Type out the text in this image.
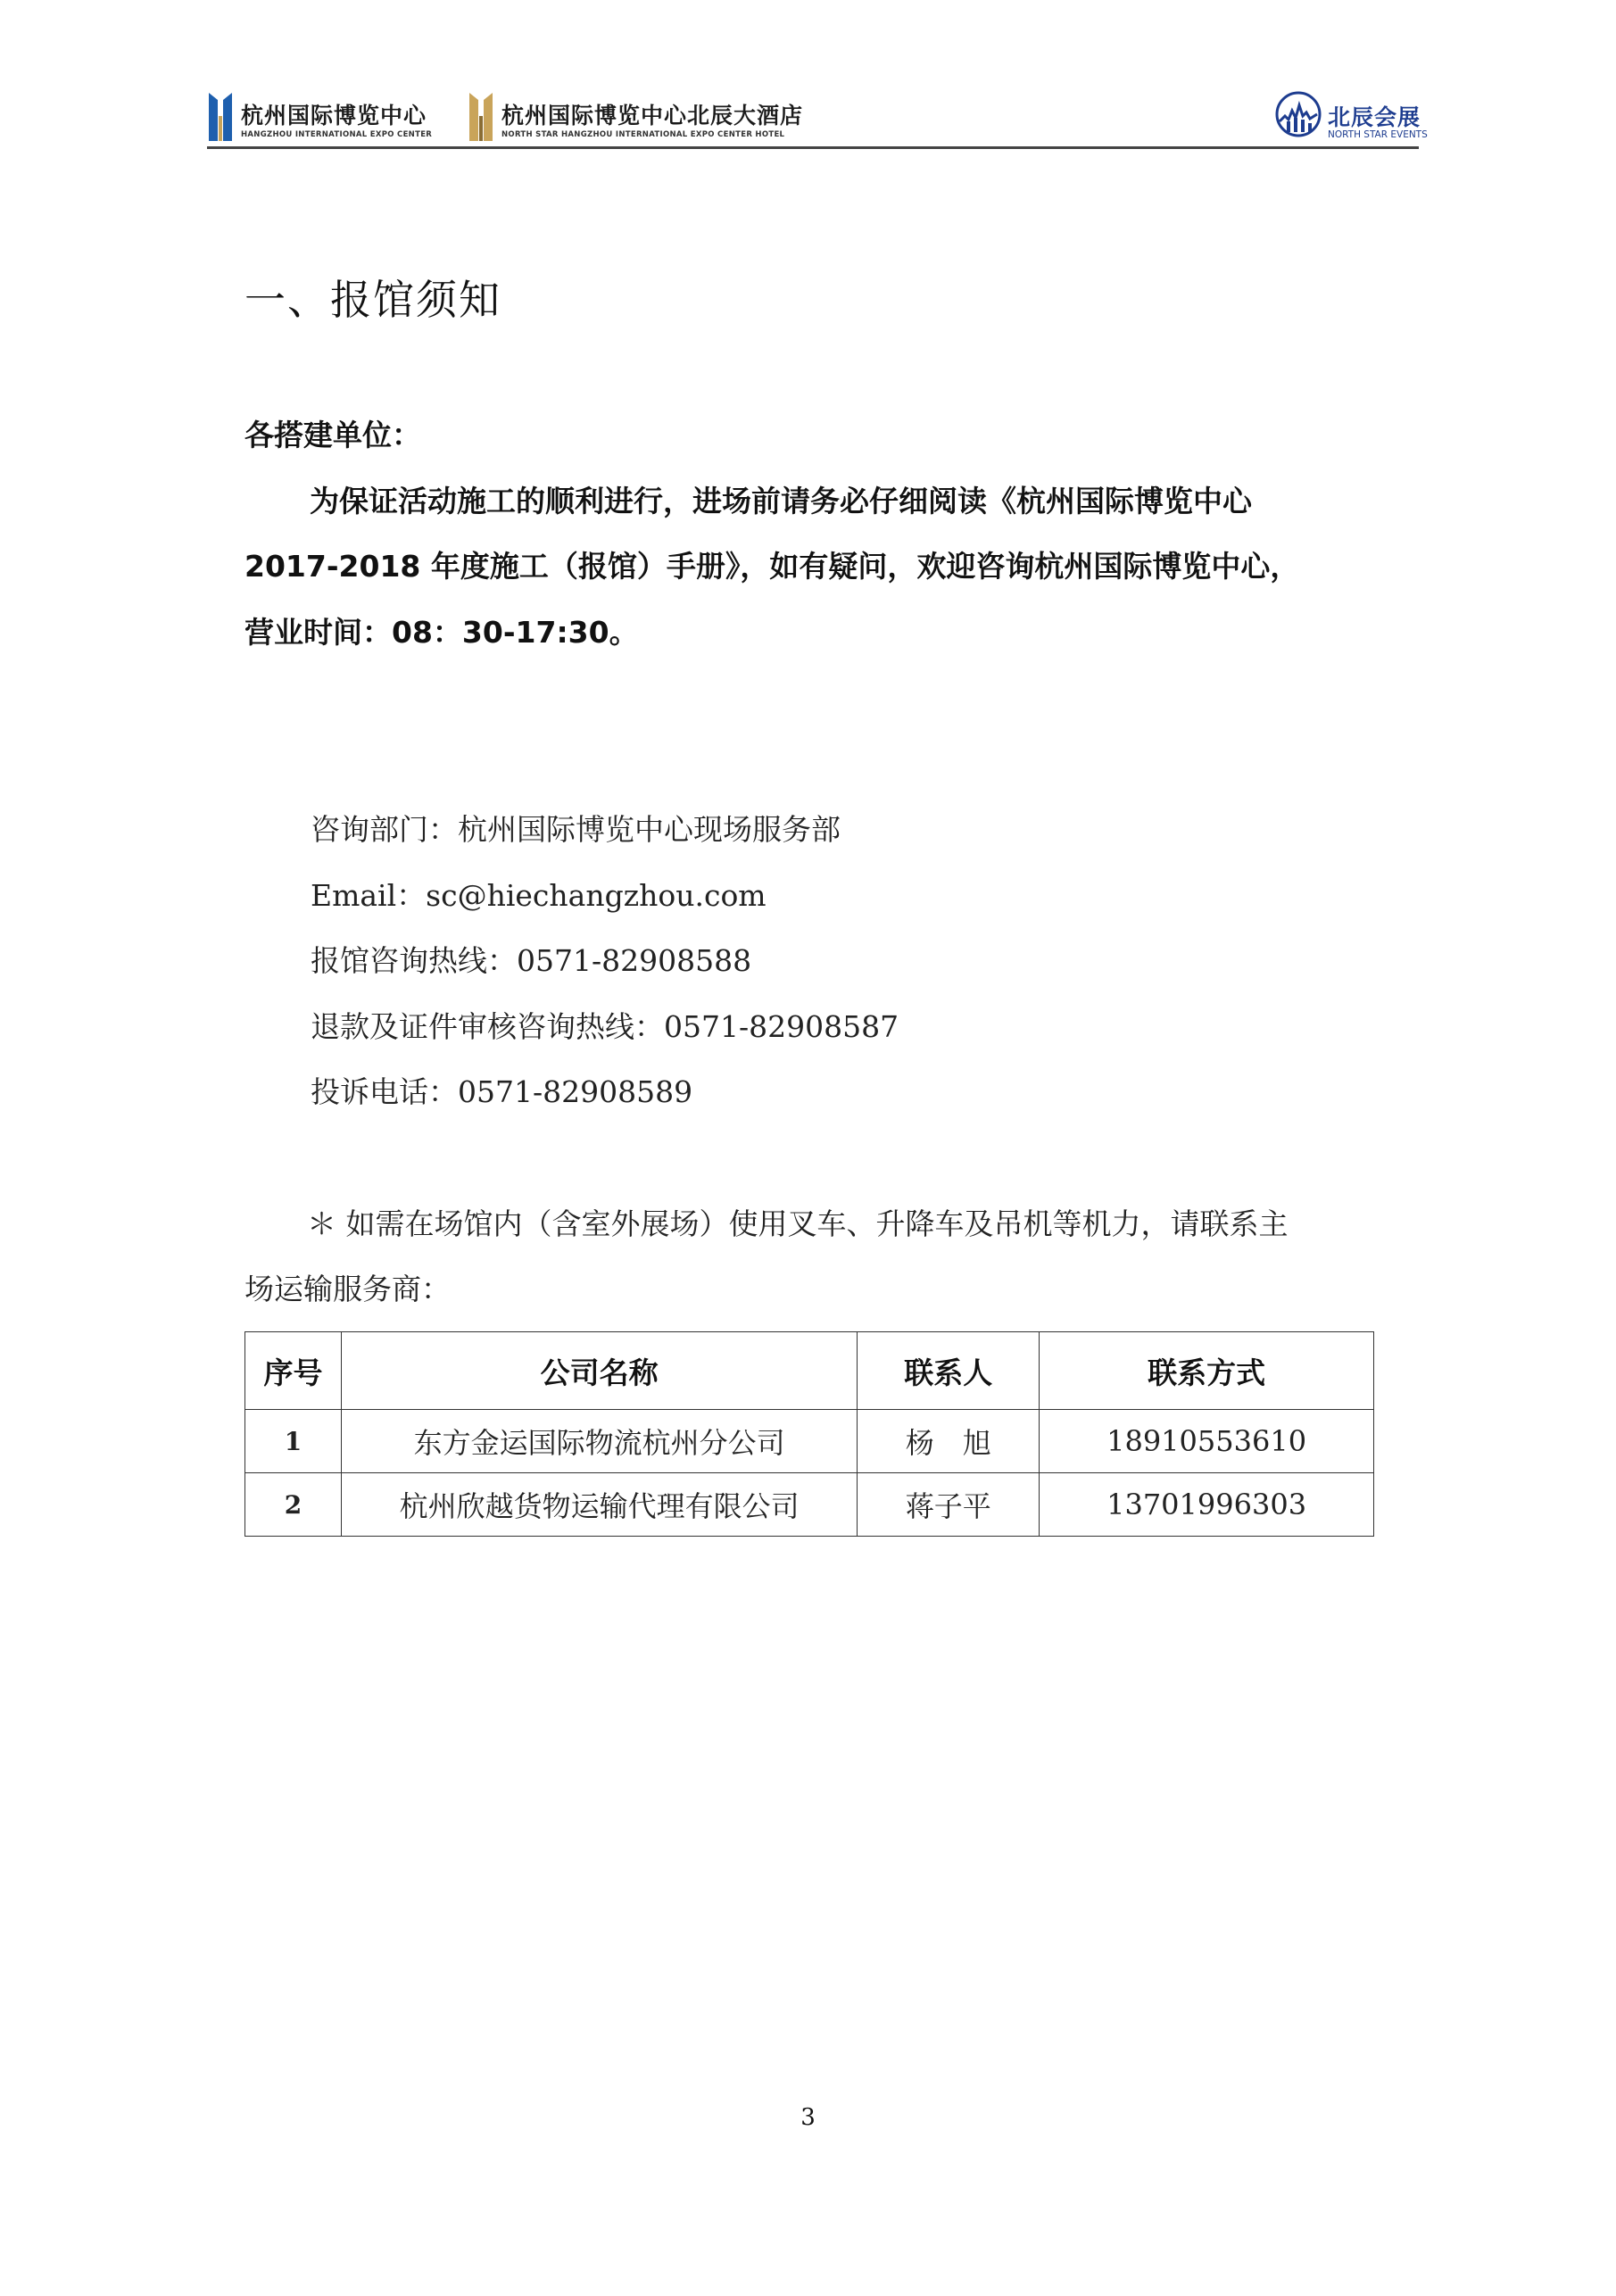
杭州国际博览中心
HANGZHOU INTERNATIONAL EXPO CENTER
杭州国际博览中心北辰大酒店
NORTH STAR HANGZHOU INTERNATIONAL EXPO CENTER HOTEL
北辰会展
NORTH STAR EVENTS
一、报馆须知
各搭建单位：
为保证活动施工的顺利进行，进场前请务必仔细阅读《杭州国际博览中心
2017-2018 年度施工（报馆）手册》，如有疑问，欢迎咨询杭州国际博览中心，
营业时间：08：30-17:30。
咨询部门：杭州国际博览中心现场服务部
Email：sc@hiechangzhou.com
报馆咨询热线：0571-82908588
退款及证件审核咨询热线：0571-82908587
投诉电话：0571-82908589
＊ 如需在场馆内（含室外展场）使用叉车、升降车及吊机等机力，请联系主
场运输服务商：
序号	公司名称	联系人	联系方式
1	东方金运国际物流杭州分公司	杨　旭	18910553610
2	杭州欣越货物运输代理有限公司	蒋子平	13701996303
3
